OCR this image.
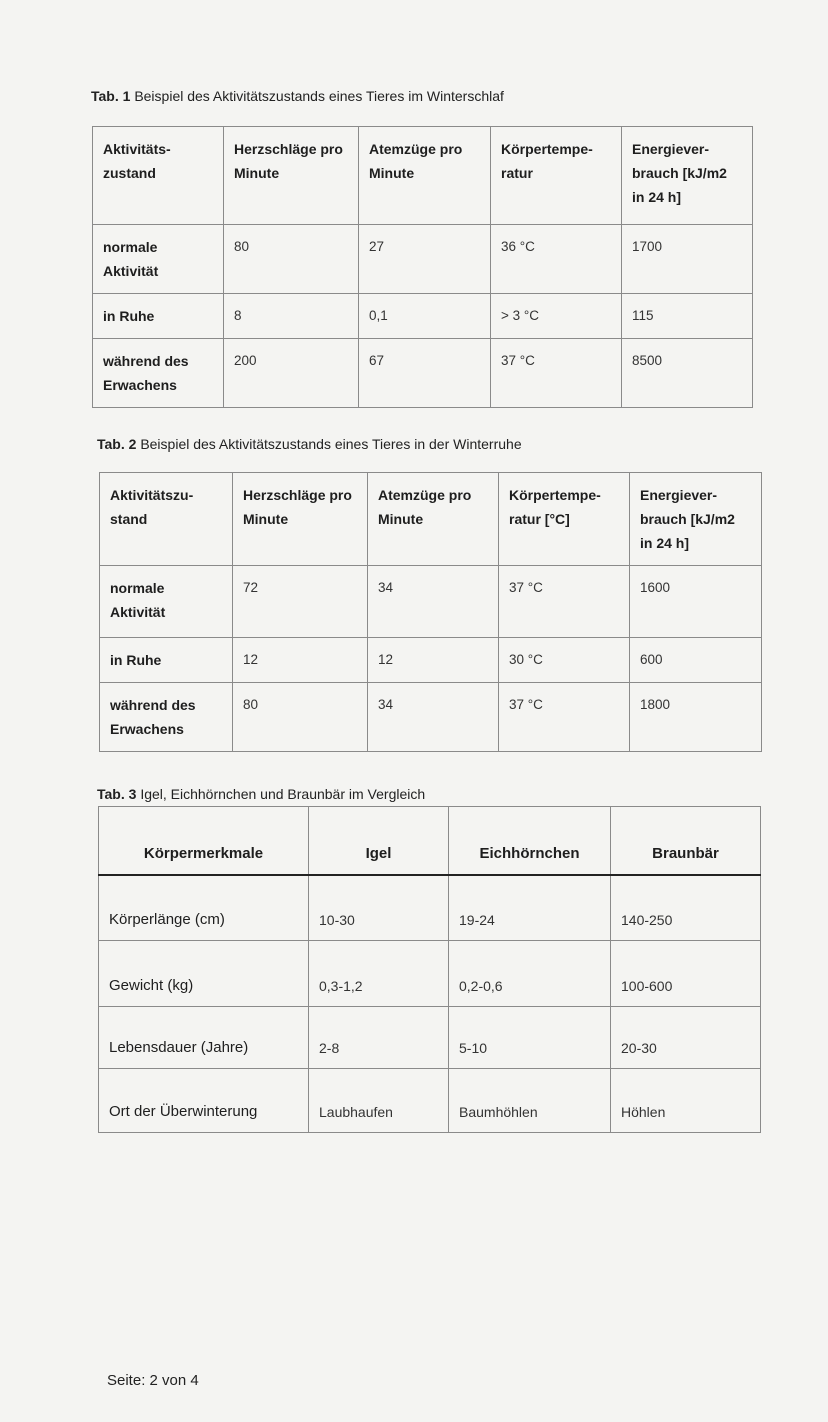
Tab. 1 Beispiel des Aktivitätszustands eines Tieres im Winterschlaf
Aktivitäts-zustand	Herzschläge pro Minute	Atemzüge pro Minute	Körpertempe-ratur	Energiever-brauch [kJ/m2 in 24 h]
normale Aktivität	80	27	36 °C	1700
in Ruhe	8	0,1	> 3 °C	115
während des Erwachens	200	67	37 °C	8500
Tab. 2 Beispiel des Aktivitätszustands eines Tieres in der Winterruhe
Aktivitätszu-stand	Herzschläge pro Minute	Atemzüge pro Minute	Körpertempe-ratur [°C]	Energiever-brauch [kJ/m2 in 24 h]
normale Aktivität	72	34	37 °C	1600
in Ruhe	12	12	30 °C	600
während des Erwachens	80	34	37 °C	1800
Tab. 3 Igel, Eichhörnchen und Braunbär im Vergleich
Körpermerkmale	Igel	Eichhörnchen	Braunbär
Körperlänge (cm)	10-30	19-24	140-250
Gewicht (kg)	0,3-1,2	0,2-0,6	100-600
Lebensdauer (Jahre)	2-8	5-10	20-30
Ort der Überwinterung	Laubhaufen	Baumhöhlen	Höhlen
Seite: 2 von 4
